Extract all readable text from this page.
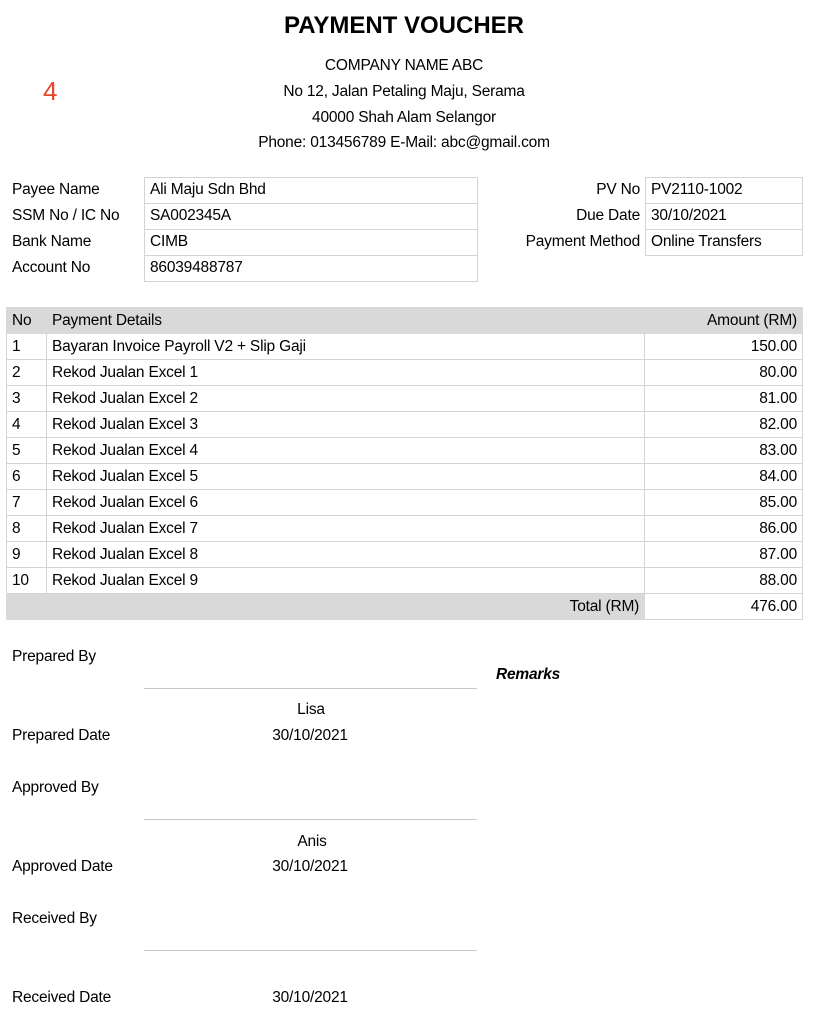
PAYMENT VOUCHER
4
COMPANY NAME ABC
No 12, Jalan Petaling Maju, Serama
40000 Shah Alam Selangor
Phone: 013456789 E-Mail: abc@gmail.com
Payee Name	Ali Maju Sdn Bhd
SSM No / IC No	SA002345A
Bank Name	CIMB
Account No	86039488787
PV No PV2110-1002
Due Date 30/10/2021
Payment Method Online Transfers
No	Payment Details	Amount (RM)
1	Bayaran Invoice Payroll V2 + Slip Gaji	150.00
2	Rekod Jualan Excel 1	80.00
3	Rekod Jualan Excel 2	81.00
4	Rekod Jualan Excel 3	82.00
5	Rekod Jualan Excel 4	83.00
6	Rekod Jualan Excel 5	84.00
7	Rekod Jualan Excel 6	85.00
8	Rekod Jualan Excel 7	86.00
9	Rekod Jualan Excel 8	87.00
10	Rekod Jualan Excel 9	88.00
Total (RM)		476.00
Prepared By
Remarks
Lisa
Prepared Date	30/10/2021
Approved By
Anis
Approved Date	30/10/2021
Received By
Received Date	30/10/2021
